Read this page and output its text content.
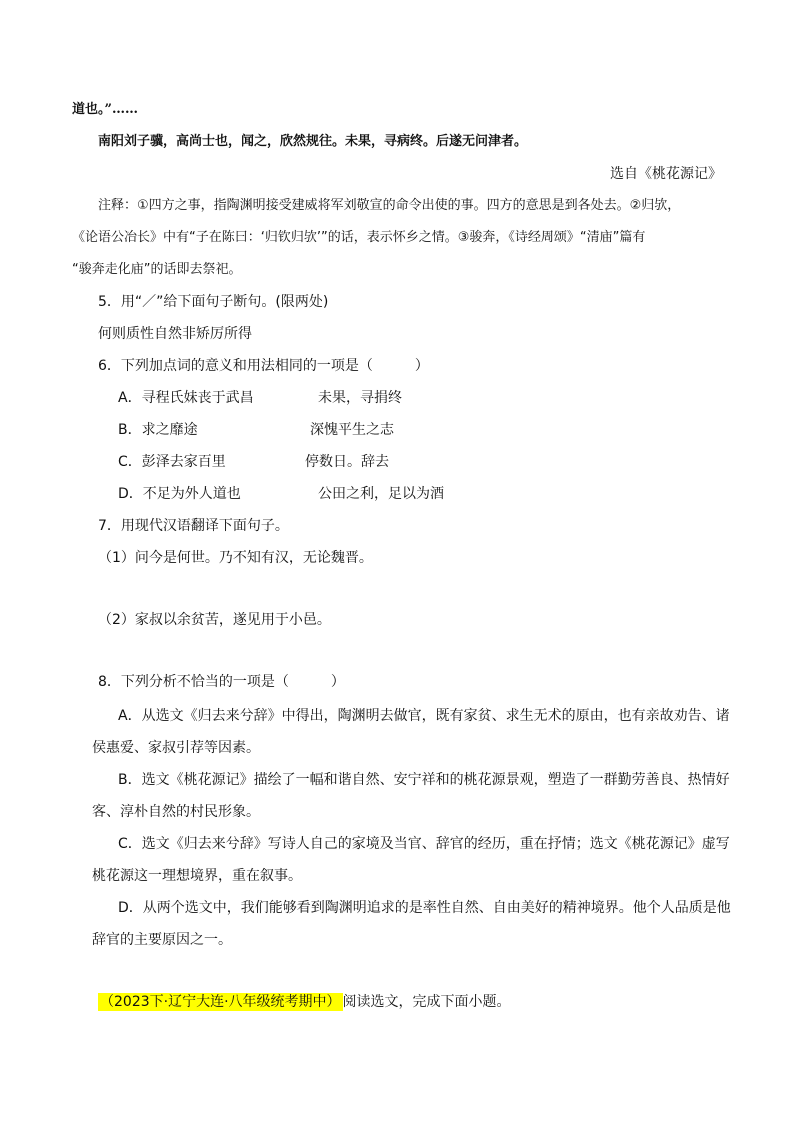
道也。”……
南阳刘子骥，高尚士也，闻之，欣然规往。未果，寻病终。后遂无问津者。
选自《桃花源记》
注释：①四方之事，指陶渊明接受建威将军刘敬宣的命令出使的事。四方的意思是到各处去。②归欤，
《论语公冶长》中有“子在陈曰：‘归钦归欤’”的话，表示怀乡之情。③骏奔，《诗经周颂》“清庙”篇有
“骏奔走化庙”的话即去祭祀。
5．用“／”给下面句子断句。(限两处)
何则质性自然非矫厉所得
6．下列加点词的意义和用法相同的一项是（　　　）
A．寻程氏妹丧于武昌	未果，寻捐终
B．求之靡途	深愧平生之志
C．彭泽去家百里	停数日。辞去
D．不足为外人道也	公田之利，足以为酒
7．用现代汉语翻译下面句子。
（1）问今是何世。乃不知有汉，无论魏晋。
（2）家叔以余贫苦，遂见用于小邑。
8．下列分析不恰当的一项是（　　　）
A．从选文《归去来兮辞》中得出，陶渊明去做官，既有家贫、求生无术的原由，也有亲故劝告、诸
侯惠爱、家叔引荐等因素。
B．选文《桃花源记》描绘了一幅和谐自然、安宁祥和的桃花源景观，塑造了一群勤劳善良、热情好
客、淳朴自然的村民形象。
C．选文《归去来兮辞》写诗人自己的家境及当官、辞官的经历，重在抒情；选文《桃花源记》虚写
桃花源这一理想境界，重在叙事。
D．从两个选文中，我们能够看到陶渊明追求的是率性自然、自由美好的精神境界。他个人品质是他
辞官的主要原因之一。
（2023下·辽宁大连·八年级统考期中） 阅读选文，完成下面小题。
